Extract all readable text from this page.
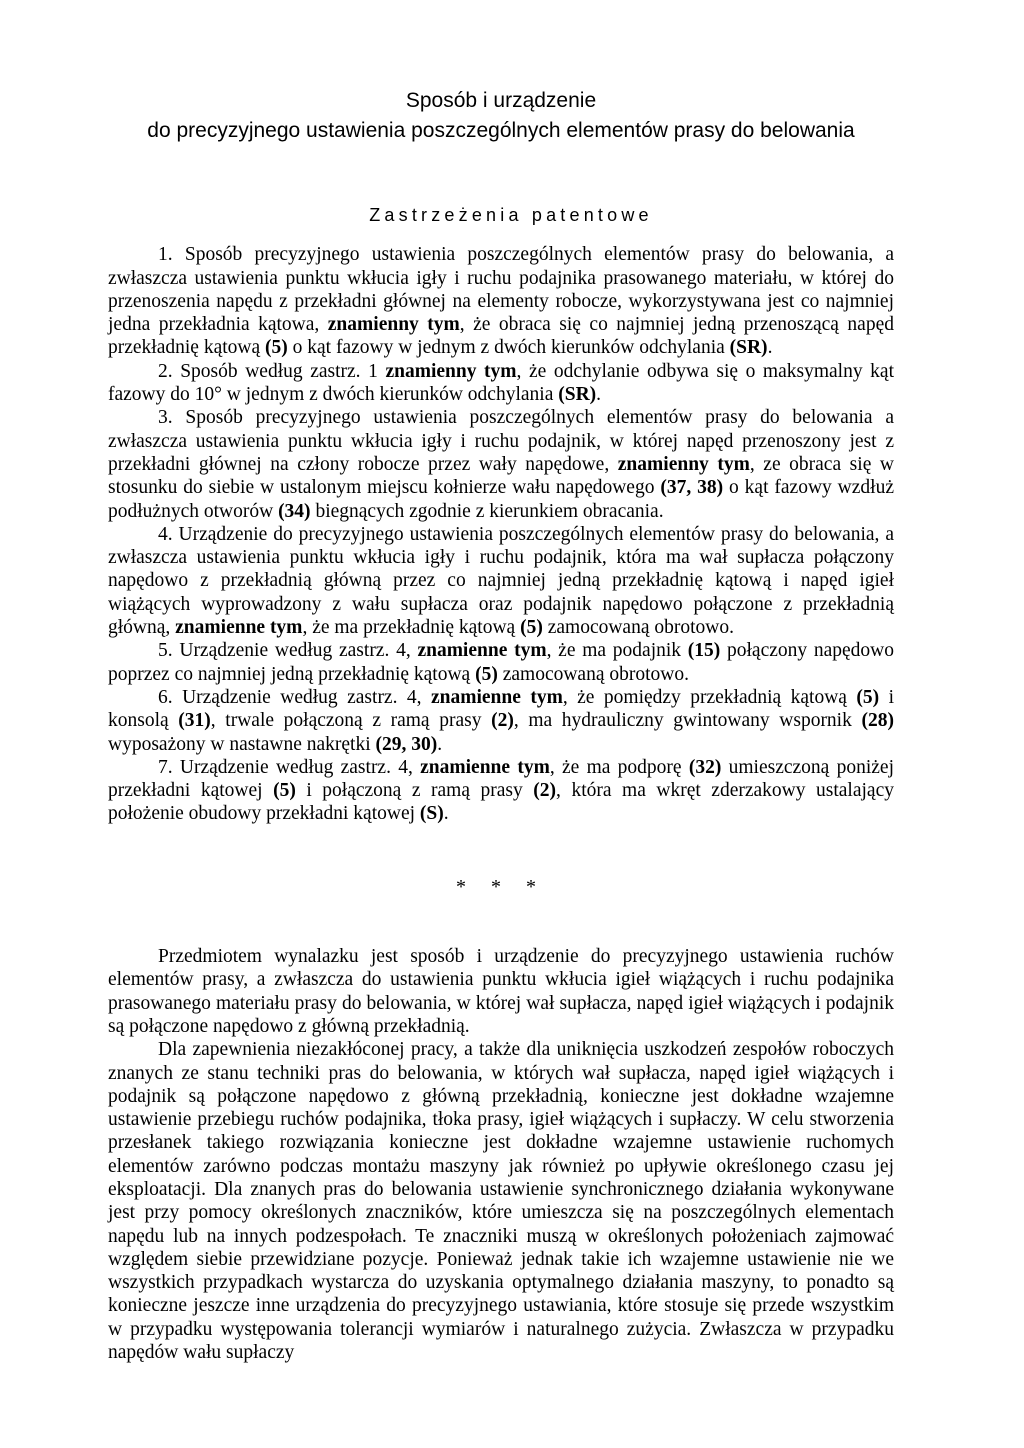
Sposób i urządzenie
do precyzyjnego ustawienia poszczególnych elementów prasy do belowania
Zastrzeżenia patentowe

1. Sposób precyzyjnego ustawienia poszczególnych elementów prasy do belowania, a zwłaszcza ustawienia punktu wkłucia igły i ruchu podajnika prasowanego materiału, w której do przenoszenia napędu z przekładni głównej na elementy robocze, wykorzystywana jest co najmniej jedna przekładnia kątowa, znamienny tym, że obraca się co najmniej jedną przenoszącą napęd przekładnię kątową (5) o kąt fazowy w jednym z dwóch kierunków odchylania (SR).

2. Sposób według zastrz. 1 znamienny tym, że odchylanie odbywa się o maksymalny kąt fazowy do 10° w jednym z dwóch kierunków odchylania (SR).

3. Sposób precyzyjnego ustawienia poszczególnych elementów prasy do belowania a zwłaszcza ustawienia punktu wkłucia igły i ruchu podajnik, w której napęd przenoszony jest z przekładni głównej na człony robocze przez wały napędowe, znamienny tym, ze obraca się w stosunku do siebie w ustalonym miejscu kołnierze wału napędowego (37, 38) o kąt fazowy wzdłuż podłużnych otworów (34) biegnących zgodnie z kierunkiem obracania.

4. Urządzenie do precyzyjnego ustawienia poszczególnych elementów prasy do belowania, a zwłaszcza ustawienia punktu wkłucia igły i ruchu podajnik, która ma wał supłacza połączony napędowo z przekładnią główną przez co najmniej jedną przekładnię kątową i napęd igieł wiążących wyprowadzony z wału supłacza oraz podajnik napędowo połączone z przekładnią główną, znamienne tym, że ma przekładnię kątową (5) zamocowaną obrotowo.

5. Urządzenie według zastrz. 4, znamienne tym, że ma podajnik (15) połączony napędowo poprzez co najmniej jedną przekładnię kątową (5) zamocowaną obrotowo.

6. Urządzenie według zastrz. 4, znamienne tym, że pomiędzy przekładnią kątową (5) i konsolą (31), trwale połączoną z ramą prasy (2), ma hydrauliczny gwintowany wspornik (28) wyposażony w nastawne nakrętki (29, 30).

7. Urządzenie według zastrz. 4, znamienne tym, że ma podporę (32) umieszczoną poniżej przekładni kątowej (5) i połączoną z ramą prasy (2), która ma wkręt zderzakowy ustalający położenie obudowy przekładni kątowej (S).

* * *

Przedmiotem wynalazku jest sposób i urządzenie do precyzyjnego ustawienia ruchów elementów prasy, a zwłaszcza do ustawienia punktu wkłucia igieł wiążących i ruchu podajnika prasowanego materiału prasy do belowania, w której wał supłacza, napęd igieł wiążących i podajnik są połączone napędowo z główną przekładnią.

Dla zapewnienia niezakłóconej pracy, a także dla uniknięcia uszkodzeń zespołów roboczych znanych ze stanu techniki pras do belowania, w których wał supłacza, napęd igieł wiążących i podajnik są połączone napędowo z główną przekładnią, konieczne jest dokładne wzajemne ustawienie przebiegu ruchów podajnika, tłoka prasy, igieł wiążących i supłaczy. W celu stworzenia przesłanek takiego rozwiązania konieczne jest dokładne wzajemne ustawienie ruchomych elementów zarówno podczas montażu maszyny jak również po upływie określonego czasu jej eksploatacji. Dla znanych pras do belowania ustawienie synchronicznego działania wykonywane jest przy pomocy określonych znaczników, które umieszcza się na poszczególnych elementach napędu lub na innych podzespołach. Te znaczniki muszą w określonych położeniach zajmować względem siebie przewidziane pozycje. Ponieważ jednak takie ich wzajemne ustawienie nie we wszystkich przypadkach wystarcza do uzyskania optymalnego działania maszyny, to ponadto są konieczne jeszcze inne urządzenia do precyzyjnego ustawiania, które stosuje się przede wszystkim w przypadku występowania tolerancji wymiarów i naturalnego zużycia. Zwłaszcza w przypadku napędów wału supłaczy
